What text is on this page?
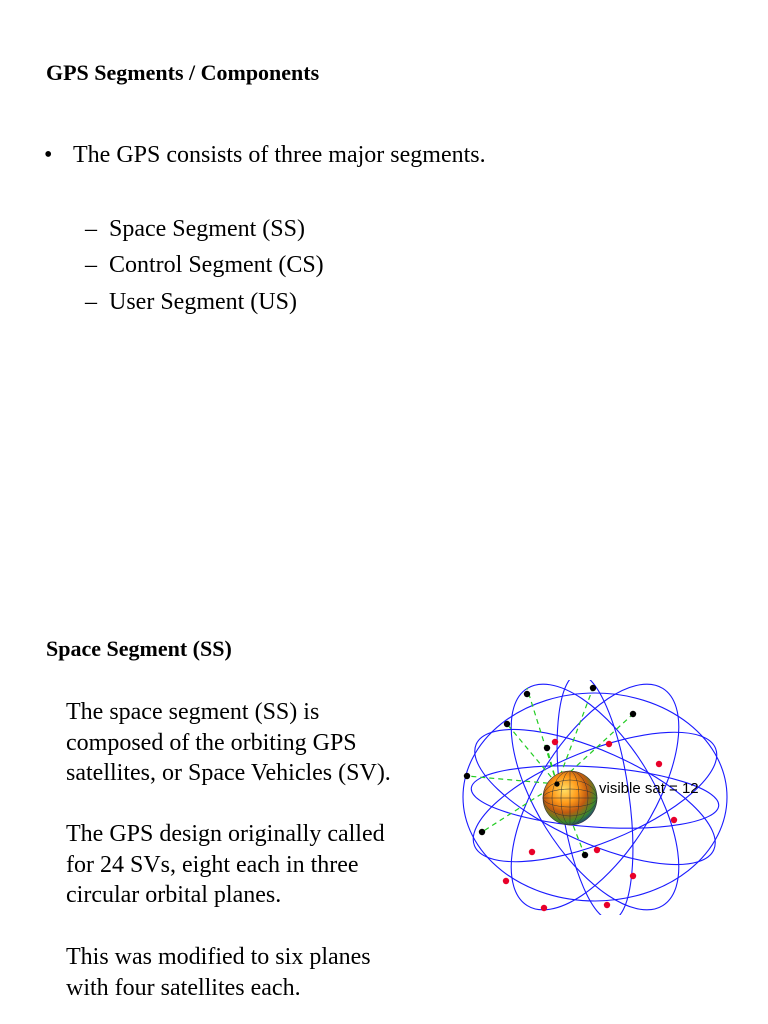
GPS Segments / Components
• The GPS consists of three major segments.
– Space Segment (SS)
– Control Segment (CS)
– User Segment (US)
Space Segment (SS)
The space segment (SS) is
composed of the orbiting GPS
satellites, or Space Vehicles (SV).
The GPS design originally called
for 24 SVs, eight each in three
circular orbital planes.
This was modified to six planes
with four satellites each.
visible sat = 12
